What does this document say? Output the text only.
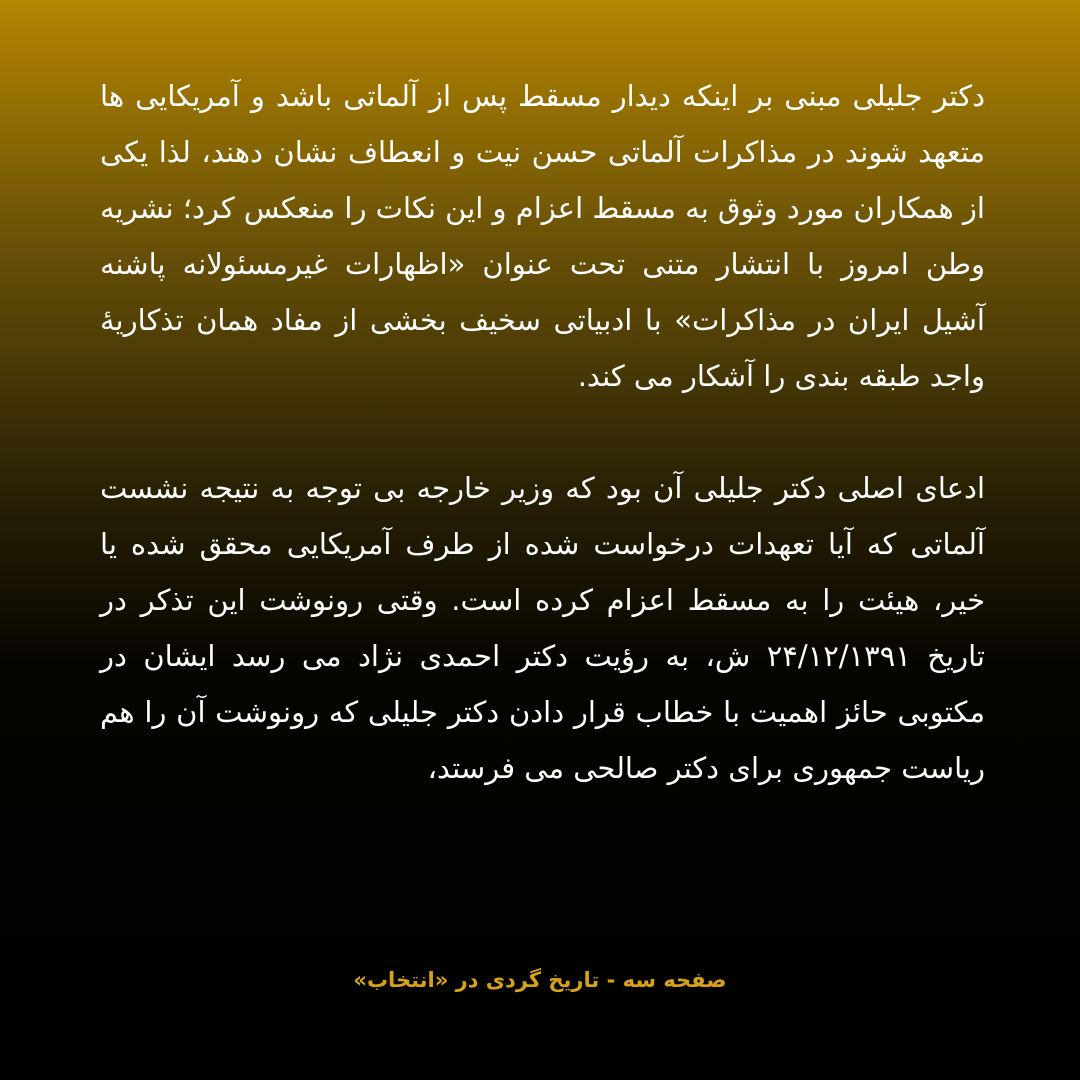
دکتر جلیلی مبنی بر اینکه دیدار مسقط پس از آلماتی باشد و آمریکایی ها متعهد شوند در مذاکرات آلماتی حسن نیت و انعطاف نشان دهند، لذا یکی از همکاران مورد وثوق به مسقط اعزام و این نکات را منعکس کرد؛ نشریه وطن امروز با انتشار متنی تحت عنوان «اظهارات غیرمسئولانه پاشنه آشیل ایران در مذاکرات» با ادبیاتی سخیف بخشی از مفاد همان تذکاریهٔ واجد طبقه بندی را آشکار می کند.

ادعای اصلی دکتر جلیلی آن بود که وزیر خارجه بی توجه به نتیجه نشست آلماتی که آیا تعهدات درخواست شده از طرف آمریکایی محقق شده یا خیر، هیئت را به مسقط اعزام کرده است. وقتی رونوشت این تذکر در تاریخ ۲۴/۱۲/۱۳۹۱ ش، به رؤیت دکتر احمدی نژاد می رسد ایشان در مکتوبی حائز اهمیت با خطاب قرار دادن دکتر جلیلی که رونوشت آن را هم ریاست جمهوری برای دکتر صالحی می فرستد،

صفحه سه - تاریخ گردی در «انتخاب»
